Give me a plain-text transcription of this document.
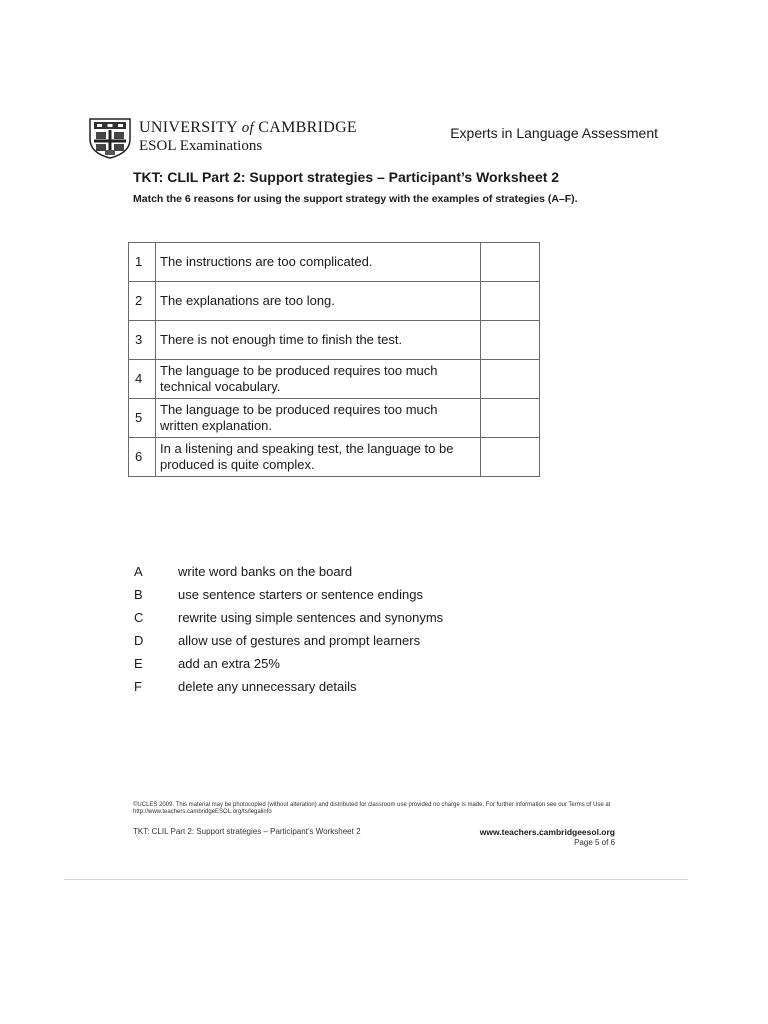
UNIVERSITY of CAMBRIDGE
ESOL Examinations
Experts in Language Assessment
TKT: CLIL Part 2: Support strategies – Participant’s Worksheet 2
Match the 6 reasons for using the support strategy with the examples of strategies (A–F).
1	The instructions are too complicated.	
2	The explanations are too long.	
3	There is not enough time to finish the test.	
4	The language to be produced requires too much technical vocabulary.	
5	The language to be produced requires too much written explanation.	
6	In a listening and speaking test, the language to be produced is quite complex.	
A	write word banks on the board
B	use sentence starters or sentence endings
C	rewrite using simple sentences and synonyms
D	allow use of gestures and prompt learners
E	add an extra 25%
F	delete any unnecessary details
©UCLES 2009. This material may be photocopied (without alteration) and distributed for classroom use provided no charge is made. For further information see our Terms of Use at http://www.teachers.cambridgeESOL.org/ts/legalinfo
TKT: CLIL Part 2: Support strategies – Participant’s Worksheet 2	www.teachers.cambridgeesol.org
Page 5 of 6
